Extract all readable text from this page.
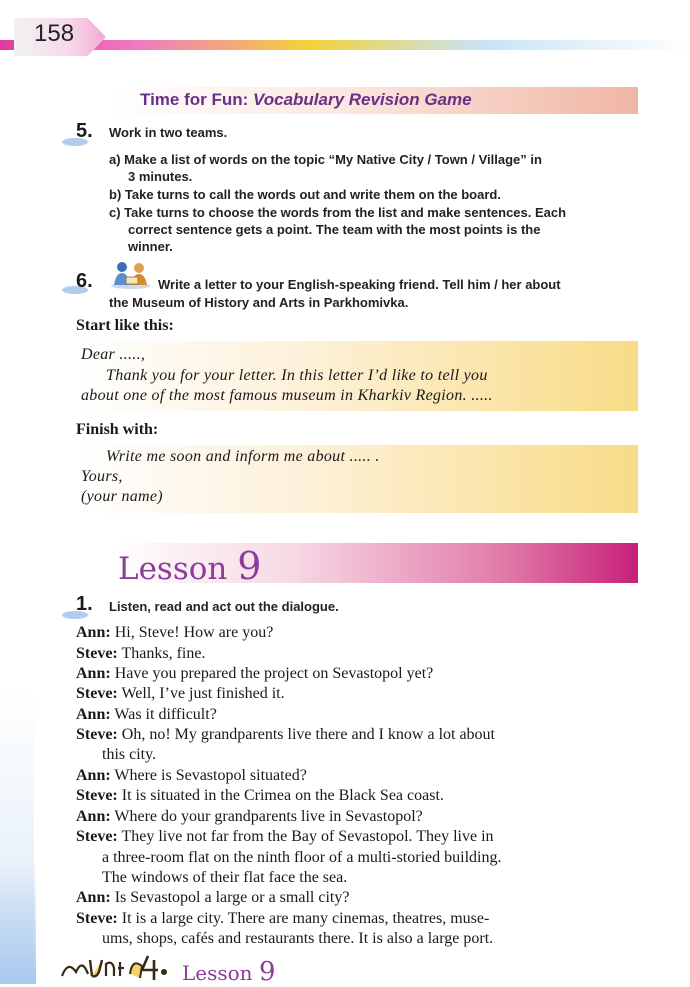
158
Time for Fun: Vocabulary Revision Game
5. Work in two teams.
a) Make a list of words on the topic “My Native City / Town / Village” in
3 minutes.
b) Take turns to call the words out and write them on the board.
c) Take turns to choose the words from the list and make sentences. Each
correct sentence gets a point. The team with the most points is the
winner.
6.	Write a letter to your English-speaking friend. Tell him / her about
the Museum of History and Arts in Parkhomivka.
Start like this:
Dear .....,
Thank you for your letter. In this letter I’d like to tell you
about one of the most famous museum in Kharkiv Region. .....
Finish with:
Write me soon and inform me about ..... .
Yours,
(your name)
Lesson 9
1. Listen, read and act out the dialogue.
Ann: Hi, Steve! How are you?
Steve: Thanks, fine.
Ann: Have you prepared the project on Sevastopol yet?
Steve: Well, I’ve just finished it.
Ann: Was it difficult?
Steve: Oh, no! My grandparents live there and I know a lot about
this city.
Ann: Where is Sevastopol situated?
Steve: It is situated in the Crimea on the Black Sea coast.
Ann: Where do your grandparents live in Sevastopol?
Steve: They live not far from the Bay of Sevastopol. They live in
a three-room flat on the ninth floor of a multi-storied building.
The windows of their flat face the sea.
Ann: Is Sevastopol a large or a small city?
Steve: It is a large city. There are many cinemas, theatres, muse-
ums, shops, cafés and restaurants there. It is also a large port.
Lesson 9
